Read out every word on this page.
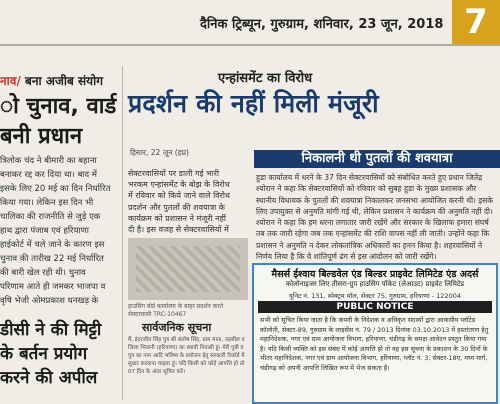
दैनिक ट्रिब्यून, गुरुग्राम, शनिवार, 23 जून, 2018 7
नाव/ बना अजीब संयोग
ो चुनाव, वार्ड
बनी प्रधान

त्रिलोक चंद ने बीमारी का बहाना

बनाकर रद्द कर दिया था। बाद में

इसके लिए 20 मई का दिन निर्धारित

किया गया। लेकिन इस दिन भी

चालिका की राजनीति से जुड़े एक

हाथ द्वारा पंजाब एवं हरियाणा

हाईकोर्ट में चले जाने के कारण इस

चुनाव की तारीख 22 मई निर्धारित

की बारी खेल रही थी। चुनाव

परिणाम आते ही जमकर भाजपा व

वृषि भेजी ओमप्रकाश धनखड़ के

डीसी ने की मिट्टी के बर्तन प्रयोग करने की अपील
एन्हांसमेंट का विरोध
प्रदर्शन की नहीं मिली मंजूरी
हिसार, 22 जून (हप्र)

सेक्टरवासियों पर डाली गई भारी

भरकम एन्हांसमेंट के बोझ के विरोध

में रविवार को किये जाने वाले विरोध

प्रदर्शन और पुतलों की शवयात्रा के

कार्यक्रम को प्रशासन ने मंजूरी नहीं

दी है। इस वजह से सेक्टरवासियों में

हाउसिंग बोर्ड कार्यालय के बाहर प्रदर्शन करते सेक्टरवासी TRC-10467
सार्वजनिक सूचना
मैं, इंदरजीत सिंह पुत्र श्री संतोष सिंह, ग्राम माना, तहसील व जिला भिवानी (हरियाणा) का स्थायी निवासी हूं। मेरी पुत्री व पुत्र का नाम आदि भविष्य के प्रयोजन हेतु सरकारी रिकॉर्ड में सुधार करवाना चाहता हूं। यदि किसी को कोई आपत्ति हो तो 07 दिन के अंदर सूचित करें।
निकालनी थी पुतलों की शवयात्रा
हुडा कार्यालय में धरने के 37 दिन सेक्टरवासियों को संबोधित करते हुए प्रधान जितेंद्र श्योरान ने कहा कि सेक्टरवासियों को रविवार को सुबह हुडा के मुख्य प्रशासक और स्थानीय विधायक के पुतलों की शवयात्रा निकालकर जनसभा आयोजित करनी थी। इसके लिए उपायुक्त से अनुमति मांगी गई थी, लेकिन प्रशासन ने कार्यक्रम की अनुमति नहीं दी। श्योरान ने कहा कि हम धरना लगातार जारी रखेंगे और सरकार के खिलाफ हमारा संघर्ष तब तक जारी रहेगा जब तक एन्हांसमेंट की राशि वापस नहीं ली जाती। उन्होंने कहा कि प्रशासन ने अनुमति न देकर लोकतांत्रिक अधिकारों का हनन किया है। शहरवासियों ने निर्णय लिया है कि वे शांतिपूर्ण ढंग से इस आंदोलन को जारी रखेंगे।
मैसर्स ईश्वाय बिल्डवेल एंड बिल्डर प्राइवेट लिमिटेड एंड अदर्स
कोलोनाइजर लिए तीसरा-ग्रुप हाउसिंग पॉकेट (लेआउट) प्राइवेट लिमिटेड
यूनिट नं. 131, स्पेक्ट्रम मॉल, सेक्टर 75, गुरुग्राम, हरियाणा - 122004
PUBLIC NOTICE
सभी को सूचित किया जाता है कि कंपनी के निदेशक व अधिकृत सदस्यों द्वारा आवासीय प्लॉटेड कॉलोनी, सेक्टर-89, गुरुग्राम के लाइसेंस नं. 79 / 2013 दिनांक 03.10.2013 में हस्तांतरण हेतु महानिदेशक, नगर एवं ग्राम आयोजना विभाग, हरियाणा, चंडीगढ़ के समक्ष आवेदन प्रस्तुत किया गया है। यदि किसी व्यक्ति को इस संबंध में कोई आपत्ति हो तो वह इस सूचना के प्रकाशन के 30 दिनों के भीतर महानिदेशक, नगर एवं ग्राम आयोजना विभाग, हरियाणा, प्लॉट नं. 3, सेक्टर-18ए, मध्य मार्ग, चंडीगढ़ को अपनी आपत्ति लिखित रूप में भेज सकता है।
